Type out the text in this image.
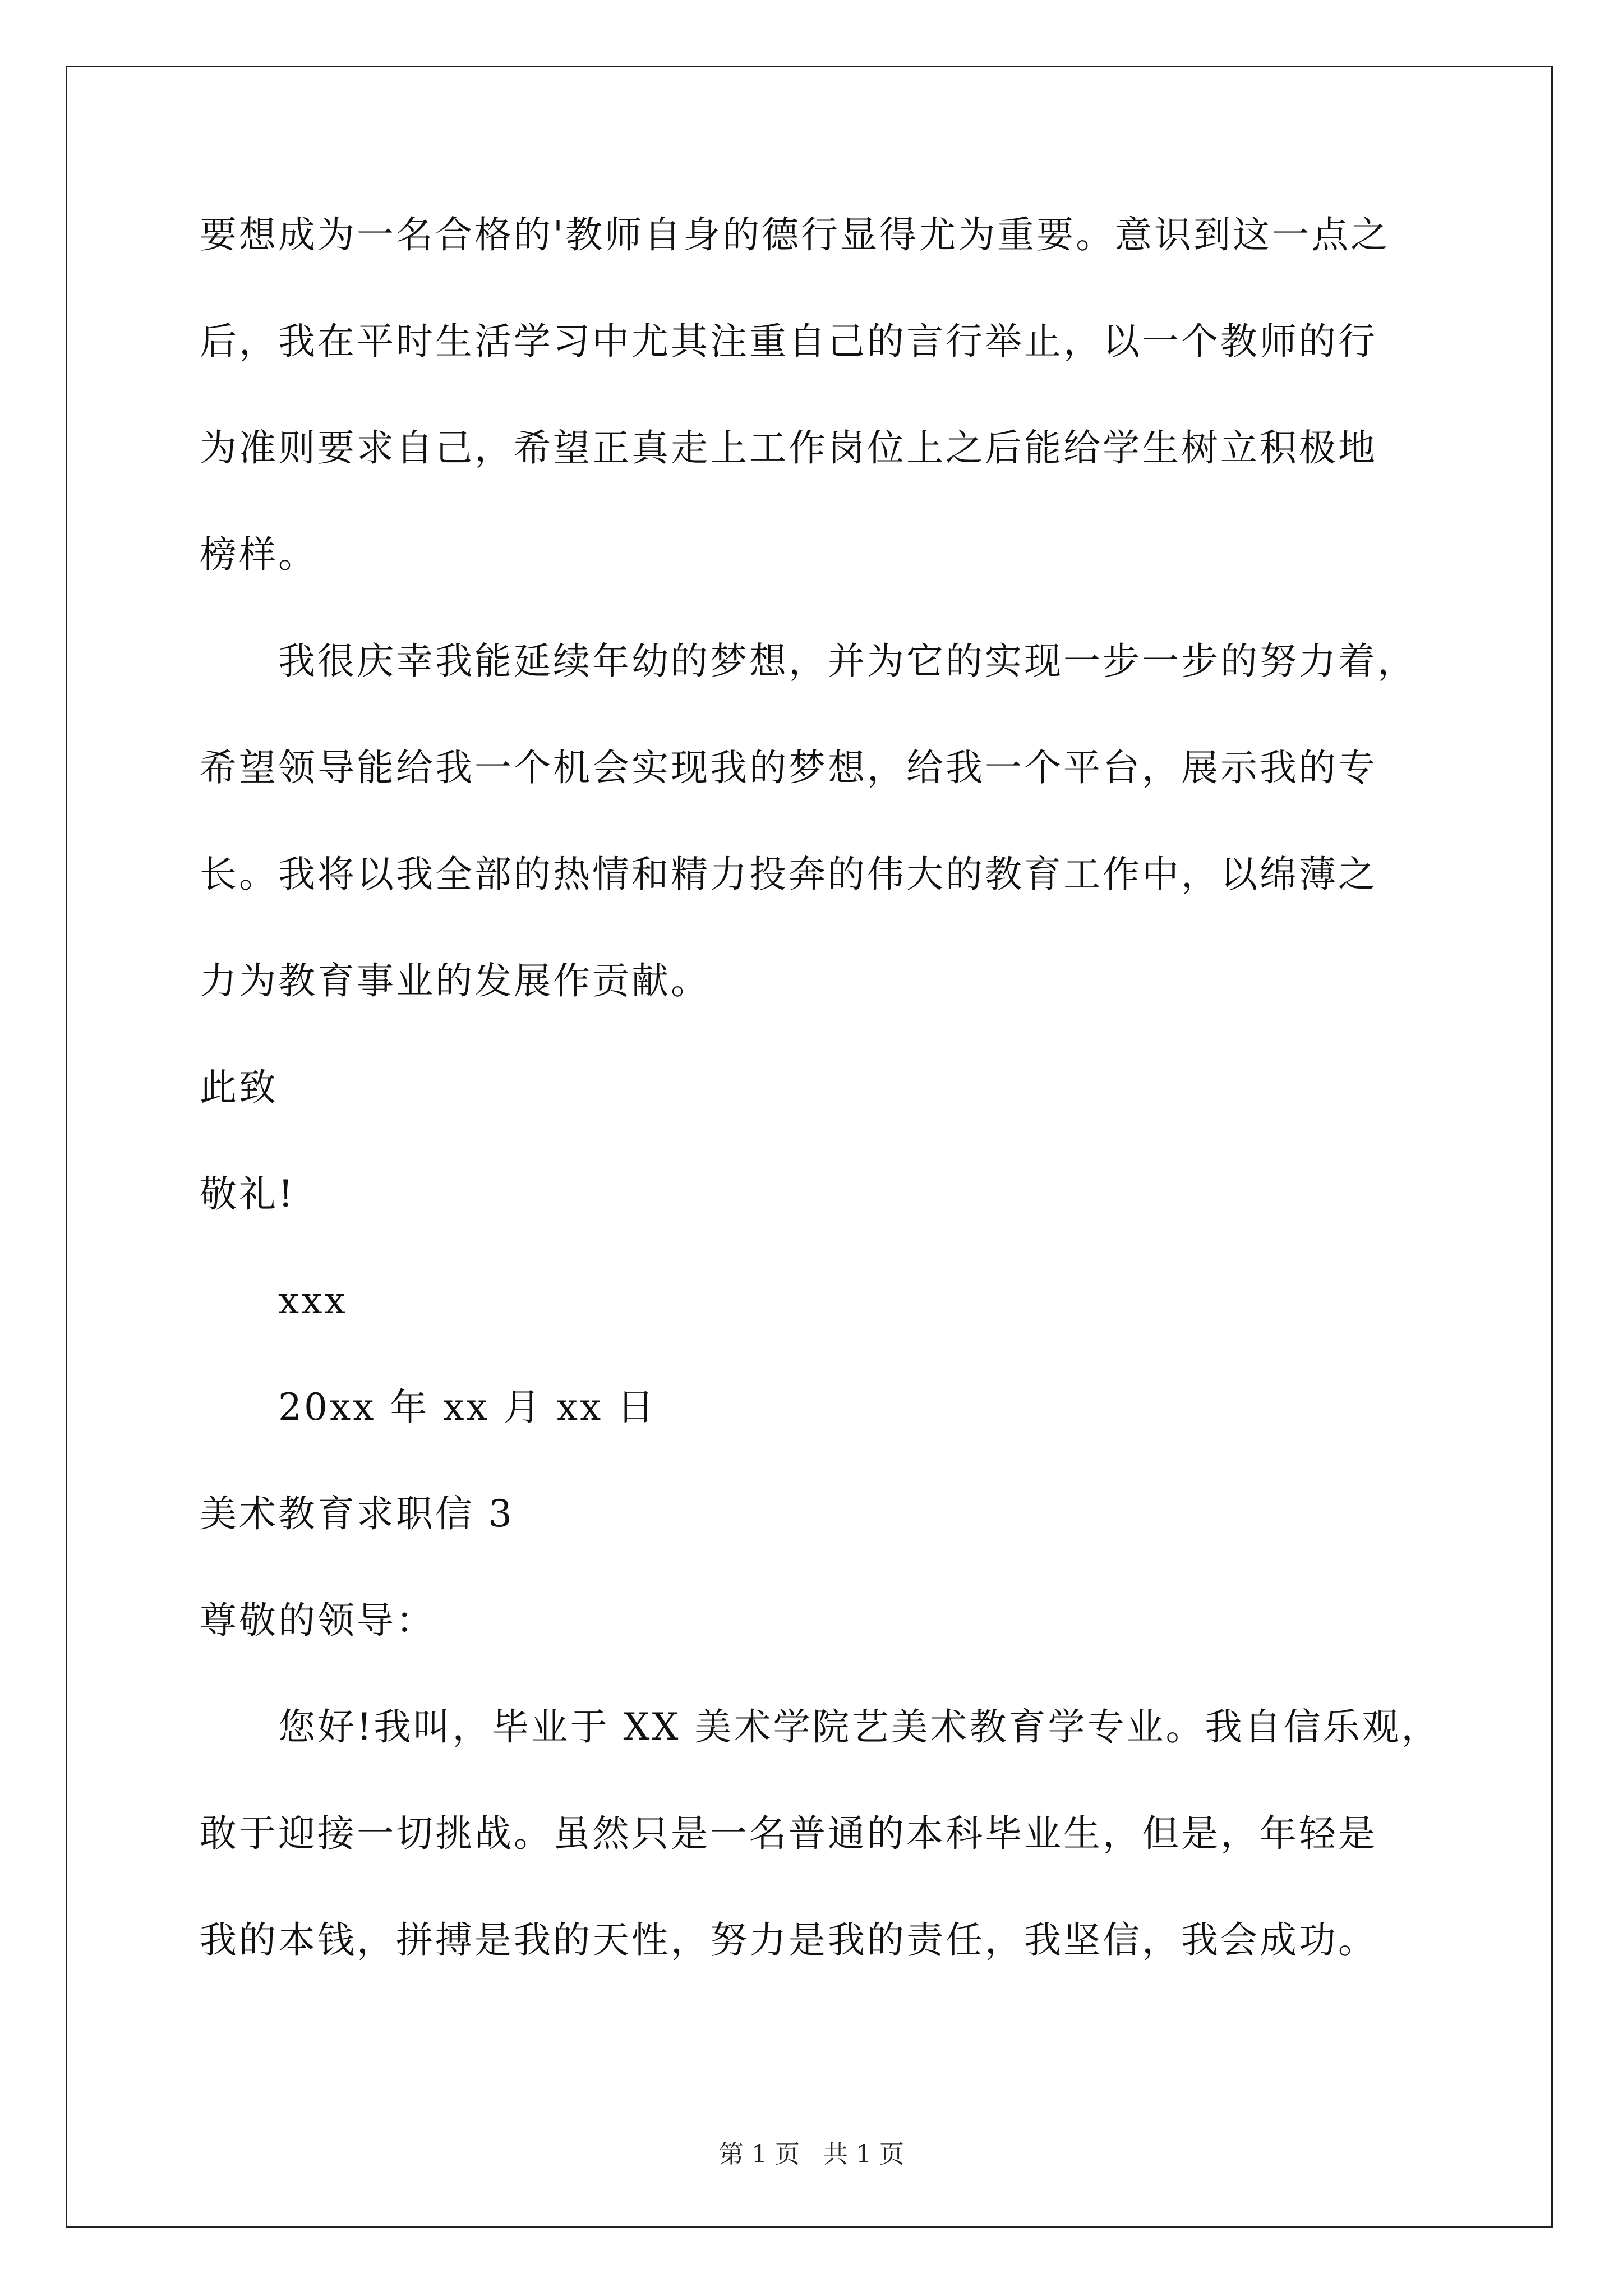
要想成为一名合格的'教师自身的德行显得尤为重要。意识到这一点之
后，我在平时生活学习中尤其注重自己的言行举止，以一个教师的行
为准则要求自己，希望正真走上工作岗位上之后能给学生树立积极地
榜样。
我很庆幸我能延续年幼的梦想，并为它的实现一步一步的努力着，
希望领导能给我一个机会实现我的梦想，给我一个平台，展示我的专
长。我将以我全部的热情和精力投奔的伟大的教育工作中，以绵薄之
力为教育事业的发展作贡献。
此致
敬礼!
xxx
20xx 年 xx 月 xx 日
美术教育求职信 3
尊敬的领导：
您好!我叫，毕业于 XX 美术学院艺美术教育学专业。我自信乐观，
敢于迎接一切挑战。虽然只是一名普通的本科毕业生，但是，年轻是
我的本钱，拼搏是我的天性，努力是我的责任，我坚信，我会成功。
第 1 页 共 1 页
